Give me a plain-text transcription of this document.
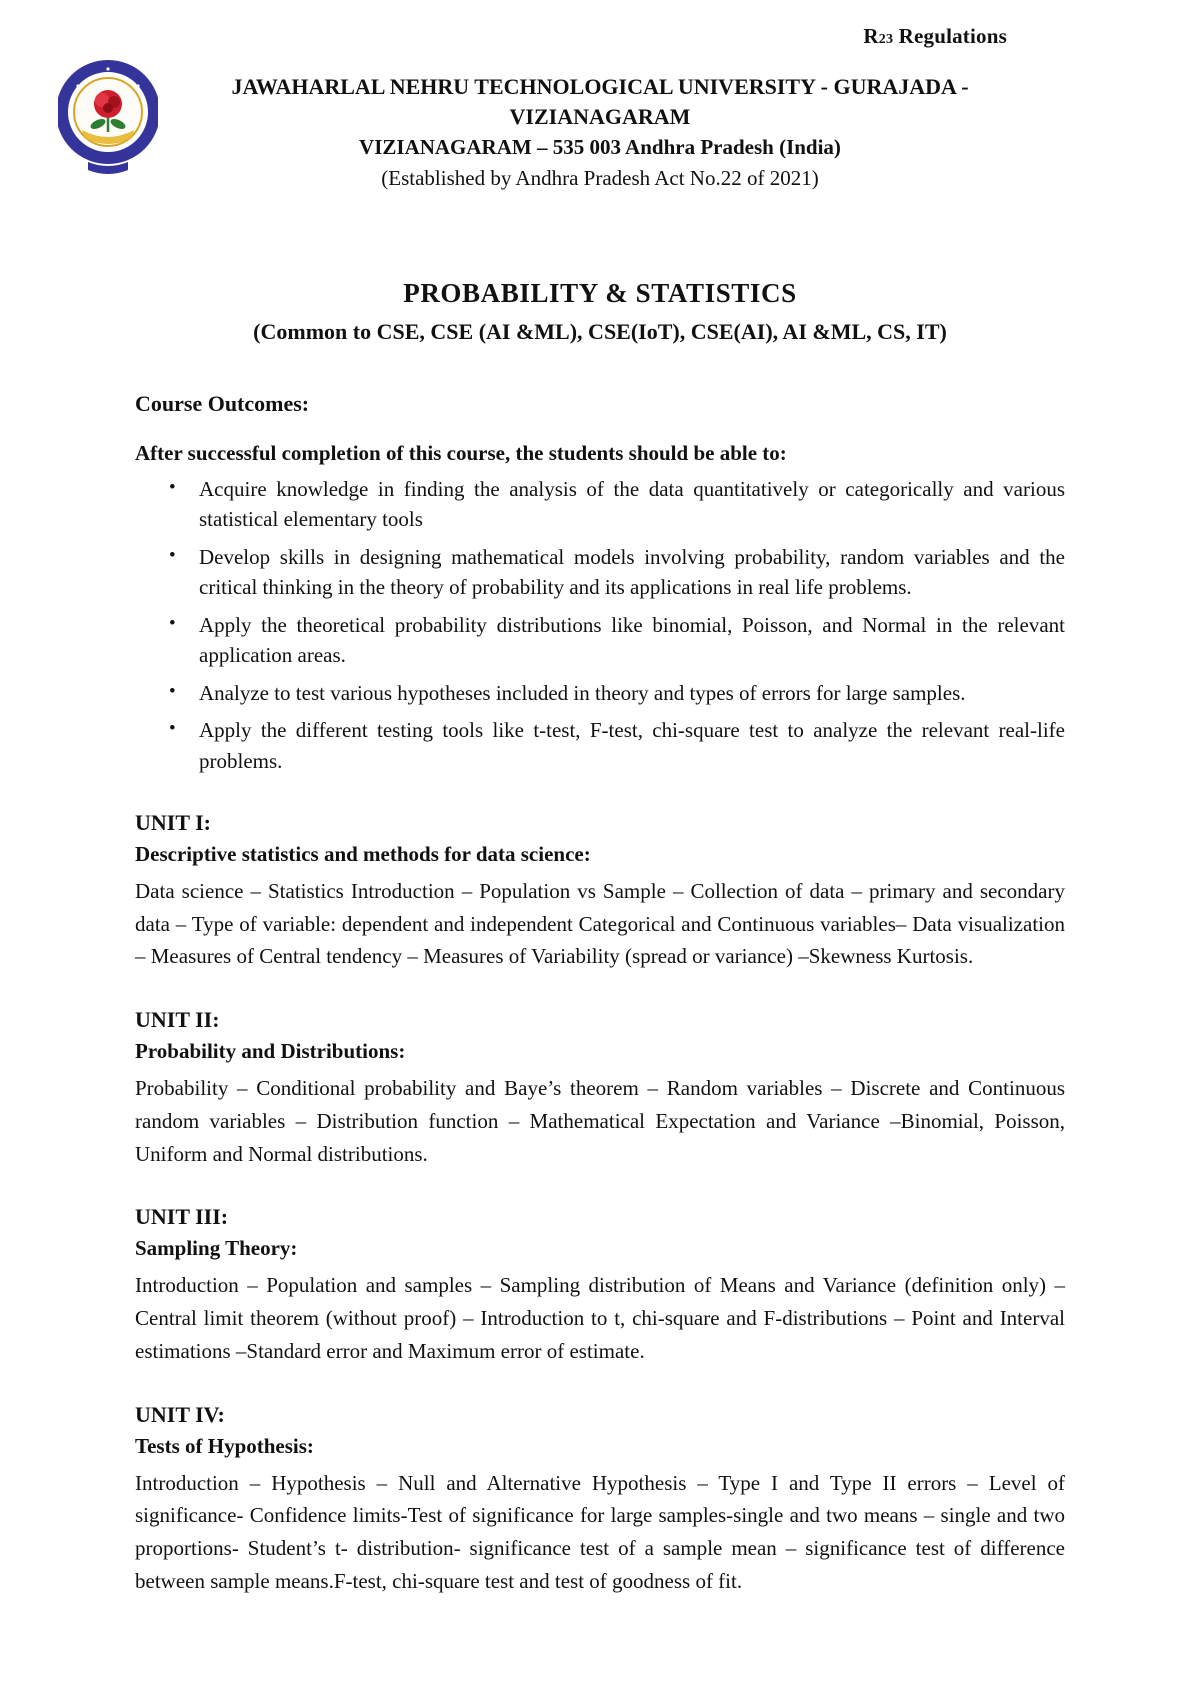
R23 Regulations
JAWAHARLAL NEHRU TECHNOLOGICAL UNIVERSITY - GURAJADA - VIZIANAGARAM
VIZIANAGARAM – 535 003 Andhra Pradesh (India)
(Established by Andhra Pradesh Act No.22 of 2021)
PROBABILITY & STATISTICS
(Common to CSE, CSE (AI &ML), CSE(IoT), CSE(AI), AI &ML, CS, IT)
Course Outcomes:
After successful completion of this course, the students should be able to:
•	Acquire knowledge in finding the analysis of the data quantitatively or categorically and various statistical elementary tools
•	Develop skills in designing mathematical models involving probability, random variables and the critical thinking in the theory of probability and its applications in real life problems.
•	Apply the theoretical probability distributions like binomial, Poisson, and Normal in the relevant application areas.
•	Analyze to test various hypotheses included in theory and types of errors for large samples.
•	Apply the different testing tools like t-test, F-test, chi-square test to analyze the relevant real-life problems.
UNIT I:
Descriptive statistics and methods for data science:
Data science – Statistics Introduction – Population vs Sample – Collection of data – primary and secondary data – Type of variable: dependent and independent Categorical and Continuous variables– Data visualization – Measures of Central tendency – Measures of Variability (spread or variance) –Skewness Kurtosis.
UNIT II:
Probability and Distributions:
Probability – Conditional probability and Baye’s theorem – Random variables – Discrete and Continuous random variables – Distribution function – Mathematical Expectation and Variance –Binomial, Poisson, Uniform and Normal distributions.
UNIT III:
Sampling Theory:
Introduction – Population and samples – Sampling distribution of Means and Variance (definition only) – Central limit theorem (without proof) – Introduction to t, chi-square and F-distributions – Point and Interval estimations –Standard error and Maximum error of estimate.
UNIT IV:
Tests of Hypothesis:
Introduction – Hypothesis – Null and Alternative Hypothesis – Type I and Type II errors – Level of significance- Confidence limits-Test of significance for large samples-single and two means – single and two proportions- Student’s t- distribution- significance test of a sample mean – significance test of difference between sample means.F-test, chi-square test and test of goodness of fit.
